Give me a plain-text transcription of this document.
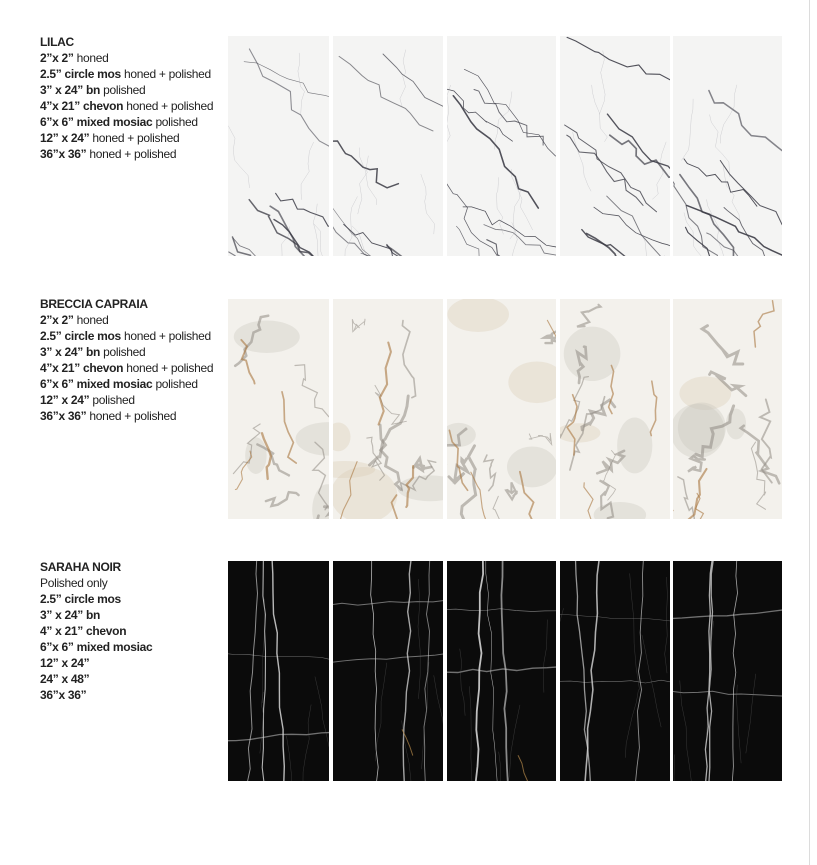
LILAC
2”x 2” honed
2.5” circle mos honed + polished
3” x 24” bn polished
4”x 21” chevon honed + polished
6”x 6” mixed mosiac polished
12” x 24” honed + polished
36”x 36” honed + polished
BRECCIA CAPRAIA
2”x 2” honed
2.5” circle mos honed + polished
3” x 24” bn polished
4”x 21” chevon honed + polished
6”x 6” mixed mosiac polished
12” x 24” polished
36”x 36” honed + polished
SARAHA NOIR
Polished only
2.5” circle mos
3” x 24” bn
4” x 21” chevon
6”x 6” mixed mosiac
12” x 24”
24” x 48”
36”x 36”
